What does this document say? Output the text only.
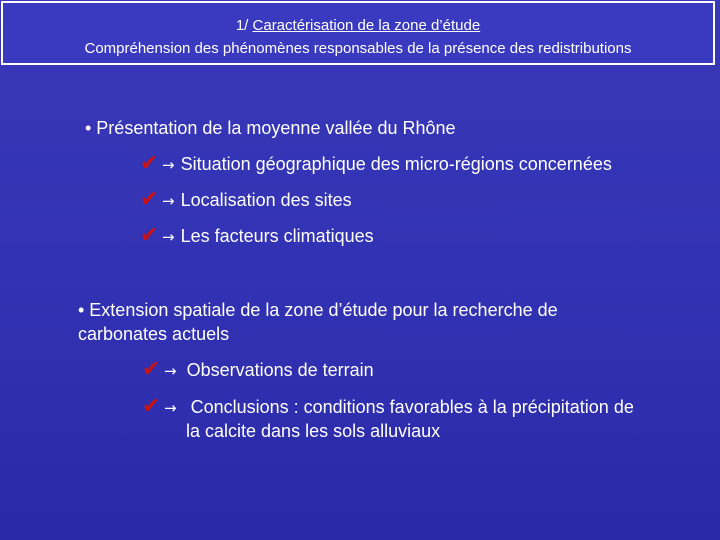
1/ Caractérisation de la zone d’étude
Compréhension des phénomènes responsables de la présence des redistributions
• Présentation de la moyenne vallée du Rhône
✔ → Situation géographique des micro-régions concernées
✔ → Localisation des sites
✔ → Les facteurs climatiques
• Extension spatiale de la zone d’étude pour la recherche de
carbonates actuels
✔ → Observations de terrain
✔ → Conclusions : conditions favorables à la précipitation de
la calcite dans les sols alluviaux
